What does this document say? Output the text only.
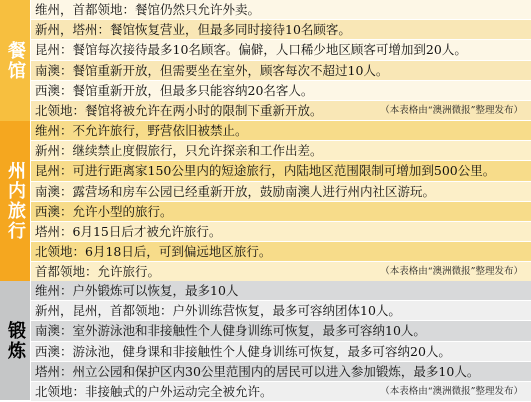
餐馆
维州，首都领地：餐馆仍然只允许外卖。
新州，塔州：餐馆恢复营业，但最多同时接待10名顾客。
昆州：餐馆每次接待最多10名顾客。偏僻，人口稀少地区顾客可增加到20人。
南澳：餐馆重新开放，但需要坐在室外，顾客每次不超过10人。
西澳：餐馆重新开放，但最多只能容纳20名客人。
北领地：餐馆将被允许在两小时的限制下重新开放。	（本表格由“澳洲微报”整理发布）
州内旅行
维州：不允许旅行，野营依旧被禁止。
新州：继续禁止度假旅行，只允许探亲和工作出差。
昆州：可进行距离家150公里内的短途旅行，内陆地区范围限制可增加到500公里。
南澳：露营场和房车公园已经重新开放，鼓励南澳人进行州内社区游玩。
西澳：允许小型的旅行。
塔州：6月15日后才被允许旅行。
北领地：6月18日后，可到偏远地区旅行。
首都领地：允许旅行。	（本表格由“澳洲微报”整理发布）
锻炼
维州：户外锻炼可以恢复，最多10人
新州，昆州，首都领地：户外训练营恢复，最多可容纳团体10人。
南澳：室外游泳池和非接触性个人健身训练可恢复，最多可容纳10人。
西澳：游泳池，健身课和非接触性个人健身训练可恢复，最多可容纳20人。
塔州：州立公园和保护区内30公里范围内的居民可以进入参加锻炼，最多10人。
北领地：非接触式的户外运动完全被允许。	（本表格由“澳洲微报”整理发布）
